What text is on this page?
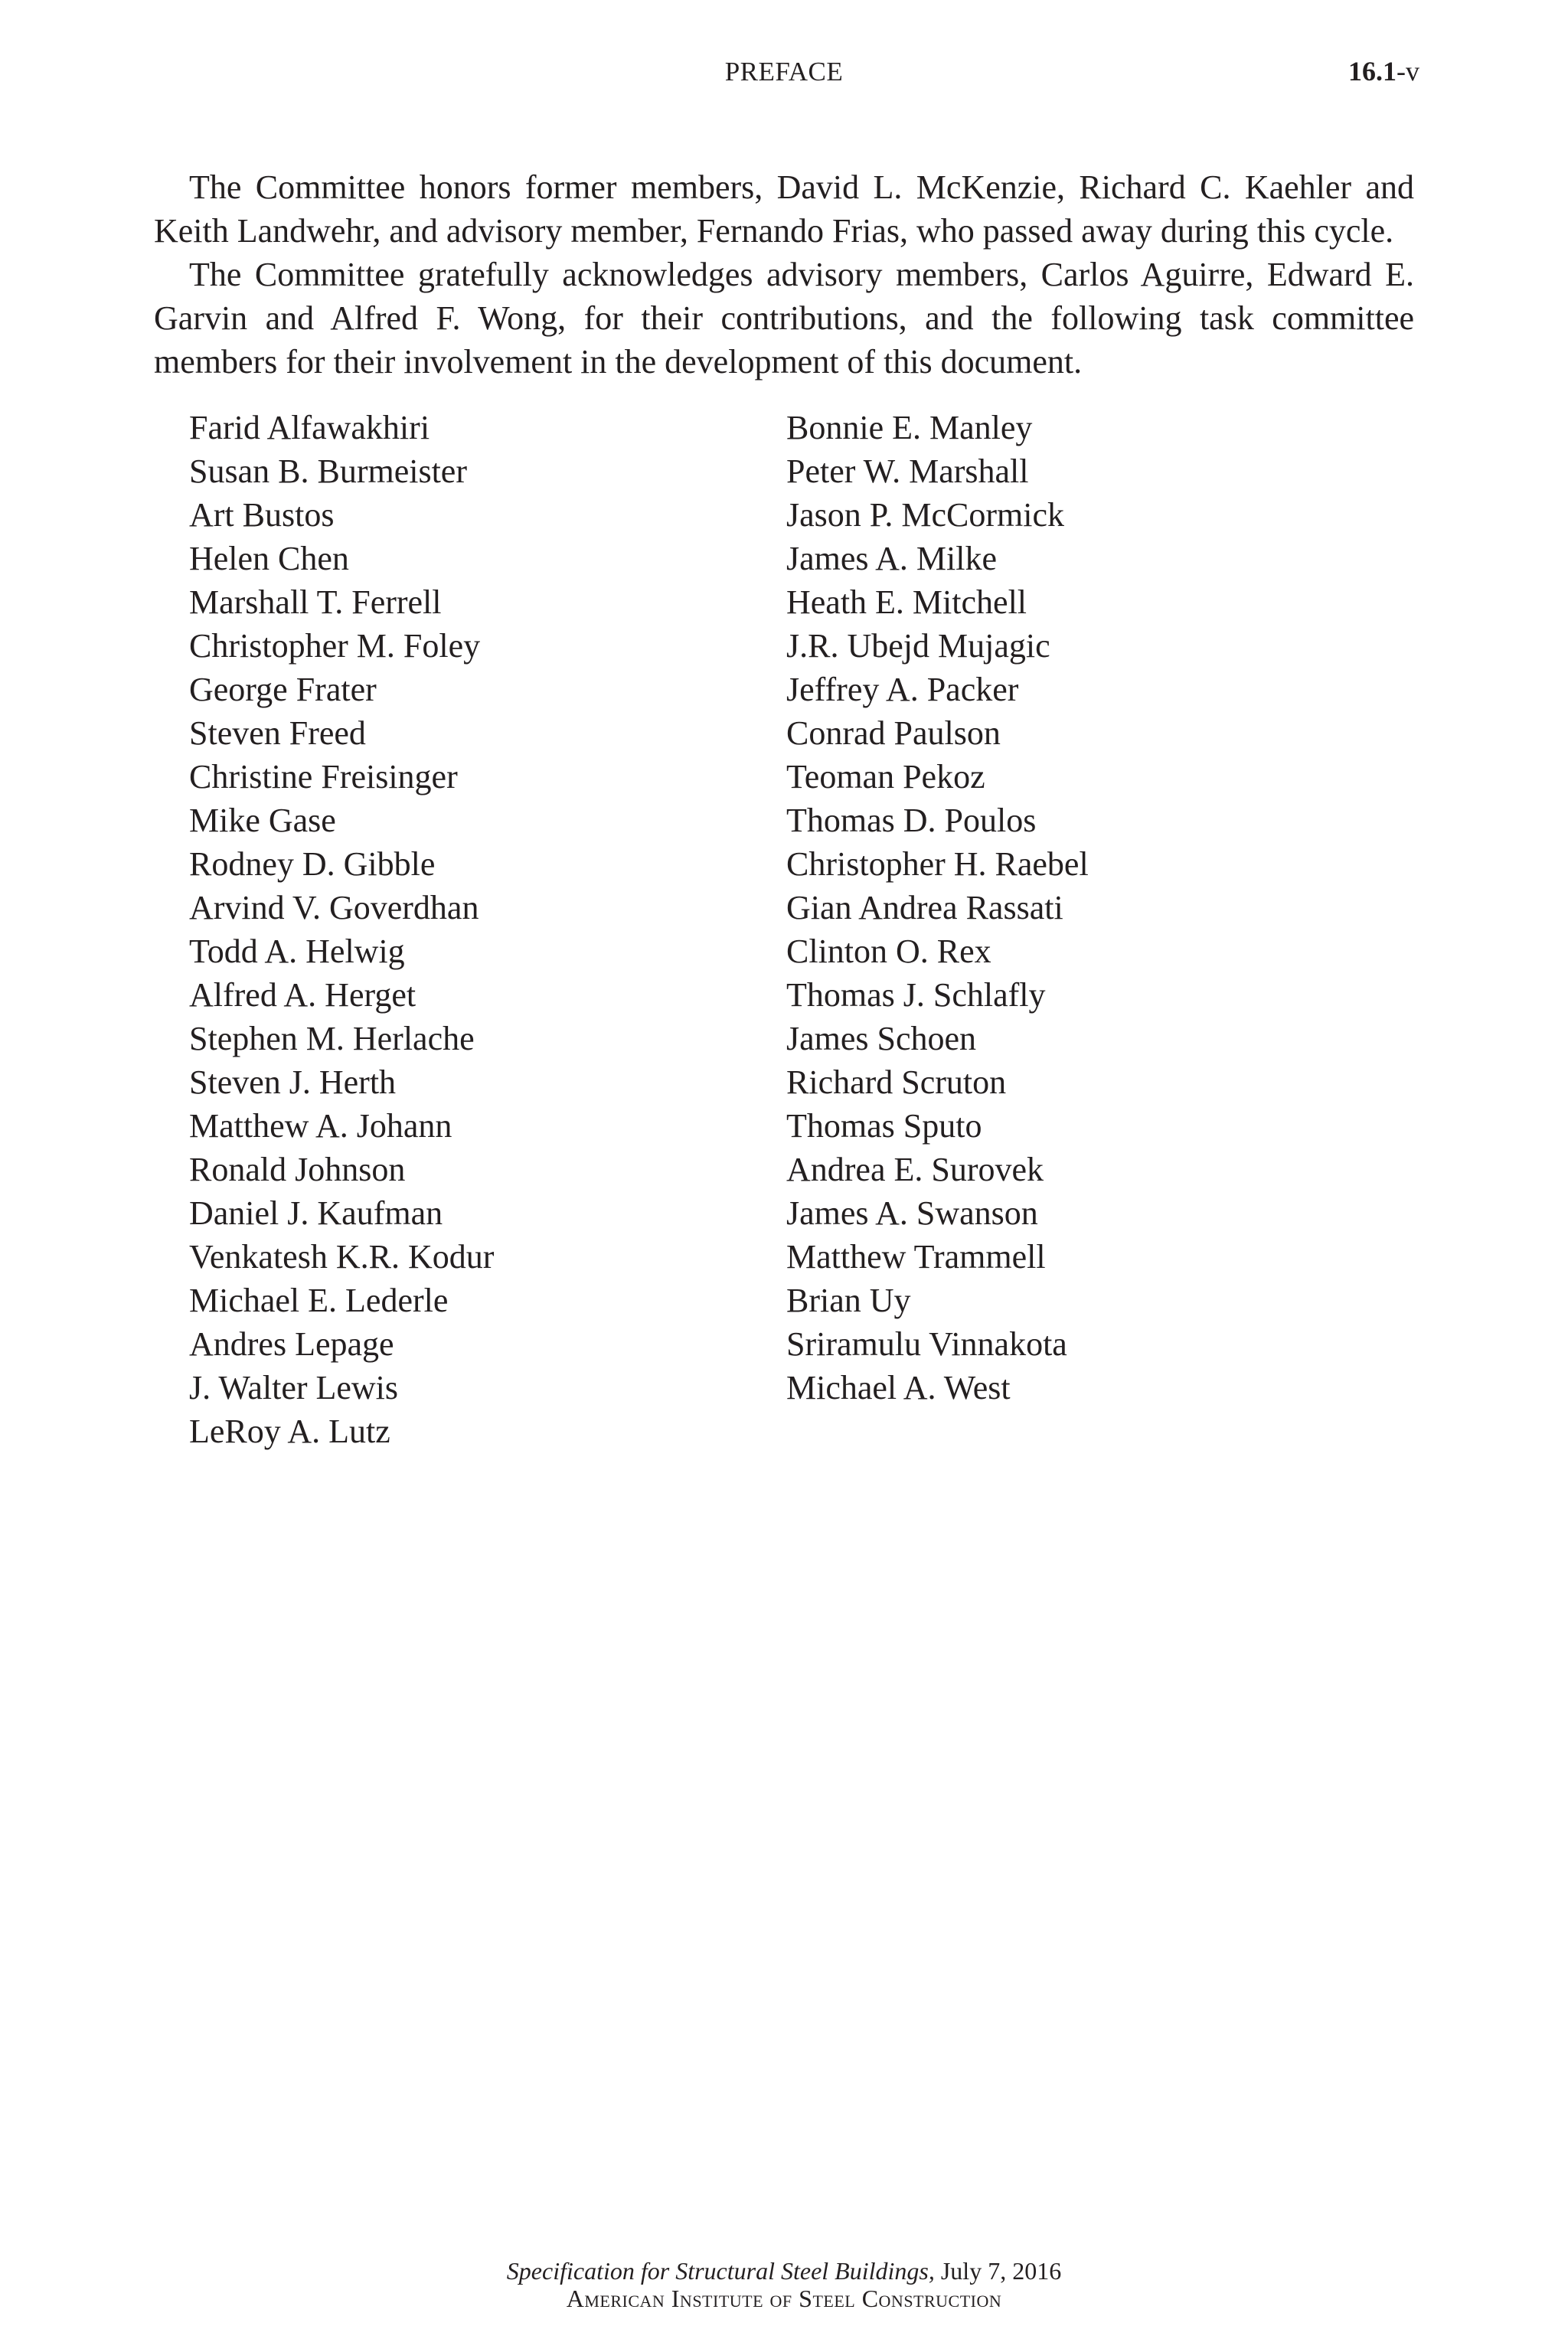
PREFACE	16.1-v

The Committee honors former members, David L. McKenzie, Richard C. Kaehler and Keith Landwehr, and advisory member, Fernando Frias, who passed away during this cycle.

The Committee gratefully acknowledges advisory members, Carlos Aguirre, Edward E. Garvin and Alfred F. Wong, for their contributions, and the following task committee members for their involvement in the development of this document.

Farid Alfawakhiri
Susan B. Burmeister
Art Bustos
Helen Chen
Marshall T. Ferrell
Christopher M. Foley
George Frater
Steven Freed
Christine Freisinger
Mike Gase
Rodney D. Gibble
Arvind V. Goverdhan
Todd A. Helwig
Alfred A. Herget
Stephen M. Herlache
Steven J. Herth
Matthew A. Johann
Ronald Johnson
Daniel J. Kaufman
Venkatesh K.R. Kodur
Michael E. Lederle
Andres Lepage
J. Walter Lewis
LeRoy A. Lutz
Bonnie E. Manley
Peter W. Marshall
Jason P. McCormick
James A. Milke
Heath E. Mitchell
J.R. Ubejd Mujagic
Jeffrey A. Packer
Conrad Paulson
Teoman Pekoz
Thomas D. Poulos
Christopher H. Raebel
Gian Andrea Rassati
Clinton O. Rex
Thomas J. Schlafly
James Schoen
Richard Scruton
Thomas Sputo
Andrea E. Surovek
James A. Swanson
Matthew Trammell
Brian Uy
Sriramulu Vinnakota
Michael A. West
Specification for Structural Steel Buildings, July 7, 2016
American Institute of Steel Construction
